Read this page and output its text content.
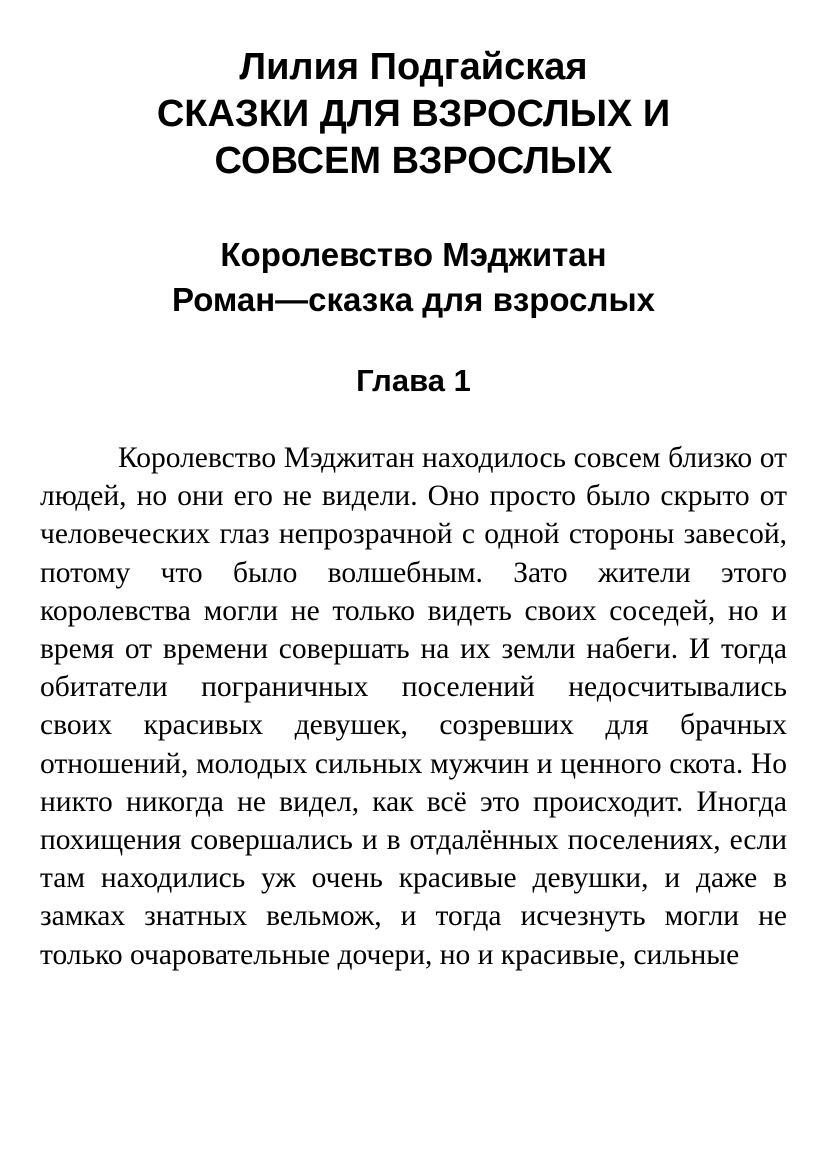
Лилия Подгайская
СКАЗКИ ДЛЯ ВЗРОСЛЫХ И
СОВСЕМ ВЗРОСЛЫХ
Королевство Мэджитан
Роман—сказка для взрослых
Глава 1

Королевство Мэджитан находилось совсем близко от людей, но они его не видели. Оно просто было скрыто от человеческих глаз непрозрачной с одной стороны завесой, потому что было волшебным. Зато жители этого королевства могли не только видеть своих соседей, но и время от времени совершать на их земли набеги. И тогда обитатели пограничных поселений недосчитывались своих красивых девушек, созревших для брачных отношений, молодых сильных мужчин и ценного скота. Но никто никогда не видел, как всё это происходит. Иногда похищения совершались и в отдалённых поселениях, если там находились уж очень красивые девушки, и даже в замках знатных вельмож, и тогда исчезнуть могли не только очаровательные дочери, но и красивые, сильные
